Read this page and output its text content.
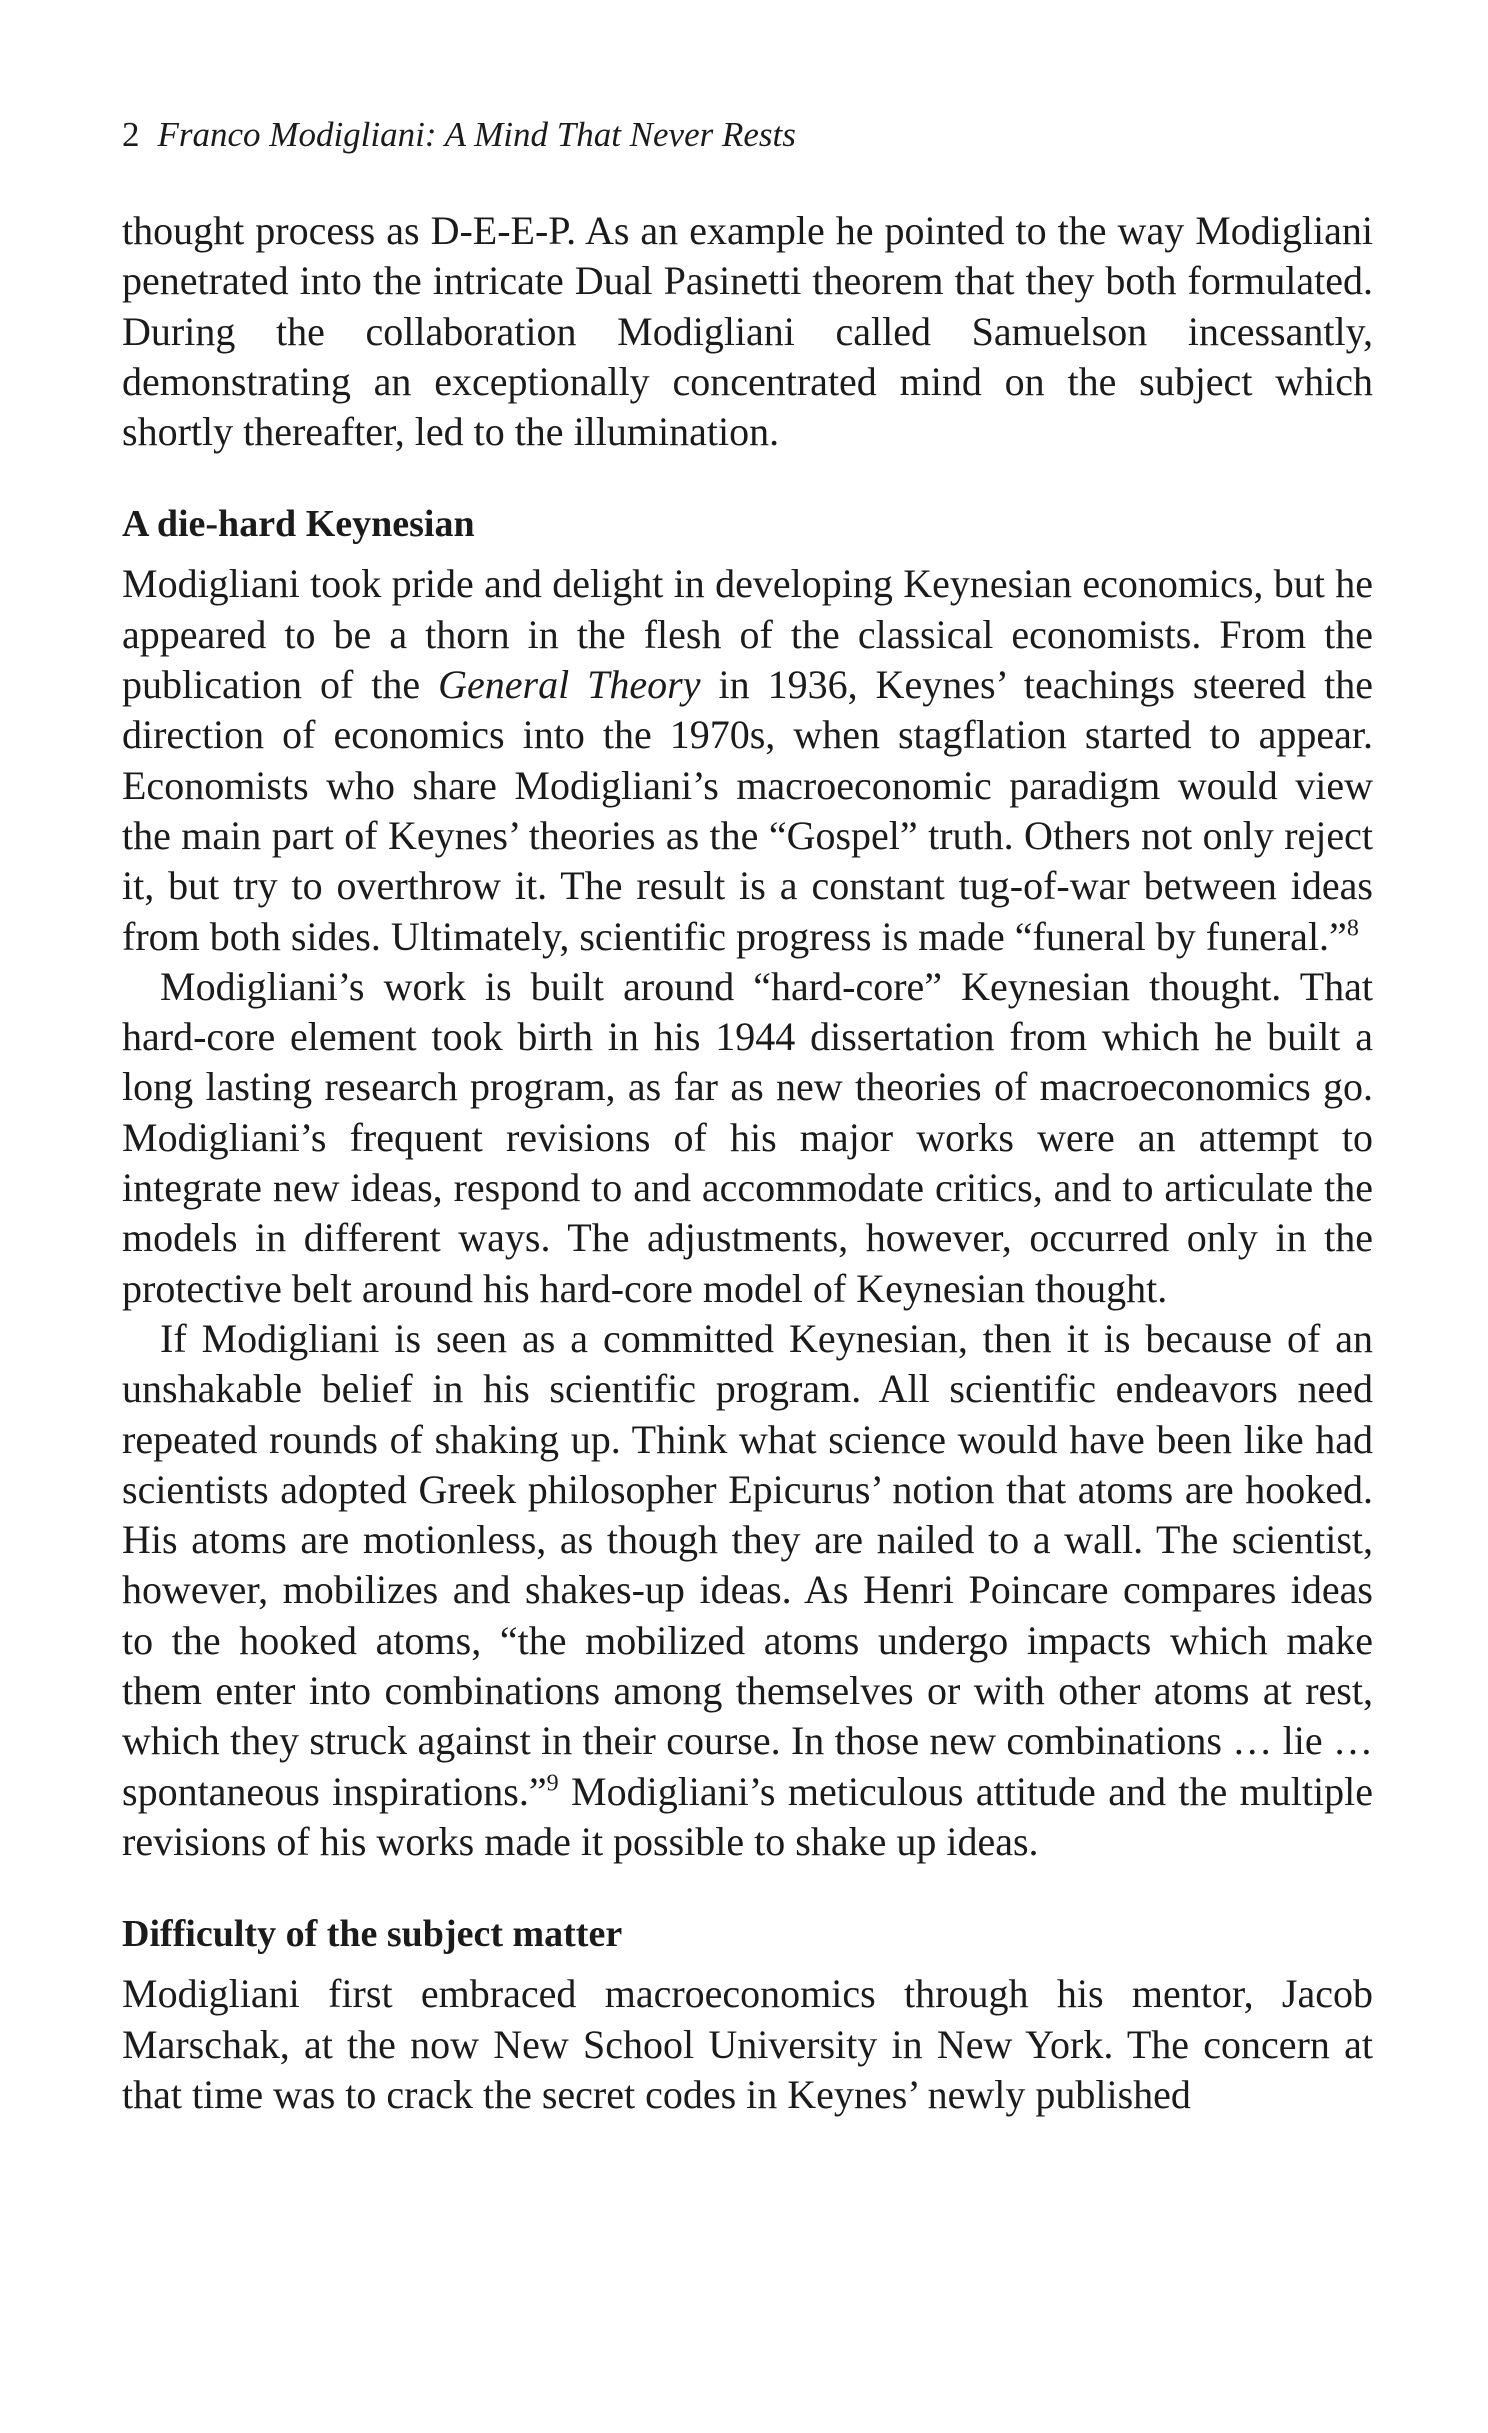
2 Franco Modigliani: A Mind That Never Rests

thought process as D-E-E-P. As an example he pointed to the way Modigliani penetrated into the intricate Dual Pasinetti theorem that they both formulated. During the collaboration Modigliani called Samuelson incessantly, demonstrating an exceptionally concentrated mind on the subject which shortly thereafter, led to the illumination.

A die-hard Keynesian

Modigliani took pride and delight in developing Keynesian economics, but he appeared to be a thorn in the flesh of the classical economists. From the publication of the General Theory in 1936, Keynes’ teachings steered the direction of economics into the 1970s, when stagflation started to appear. Economists who share Modigliani’s macroeconomic paradigm would view the main part of Keynes’ theories as the “Gospel” truth. Others not only reject it, but try to overthrow it. The result is a constant tug-of-war between ideas from both sides. Ultimately, scientific progress is made “funeral by funeral.”$^8$

Modigliani’s work is built around “hard-core” Keynesian thought. That hard-core element took birth in his 1944 dissertation from which he built a long lasting research program, as far as new theories of macroeconomics go. Modigliani’s frequent revisions of his major works were an attempt to integrate new ideas, respond to and accommodate critics, and to articulate the models in different ways. The adjustments, however, occurred only in the protective belt around his hard-core model of Keynesian thought.

If Modigliani is seen as a committed Keynesian, then it is because of an unshakable belief in his scientific program. All scientific endeavors need repeated rounds of shaking up. Think what science would have been like had scientists adopted Greek philosopher Epicurus’ notion that atoms are hooked. His atoms are motionless, as though they are nailed to a wall. The scientist, however, mobilizes and shakes-up ideas. As Henri Poincare compares ideas to the hooked atoms, “the mobilized atoms undergo impacts which make them enter into combinations among themselves or with other atoms at rest, which they struck against in their course. In those new combinations … lie … spontaneous inspirations.”$^9$ Modigliani’s meticulous attitude and the multiple revisions of his works made it possible to shake up ideas.

Difficulty of the subject matter

Modigliani first embraced macroeconomics through his mentor, Jacob Marschak, at the now New School University in New York. The concern at that time was to crack the secret codes in Keynes’ newly published
